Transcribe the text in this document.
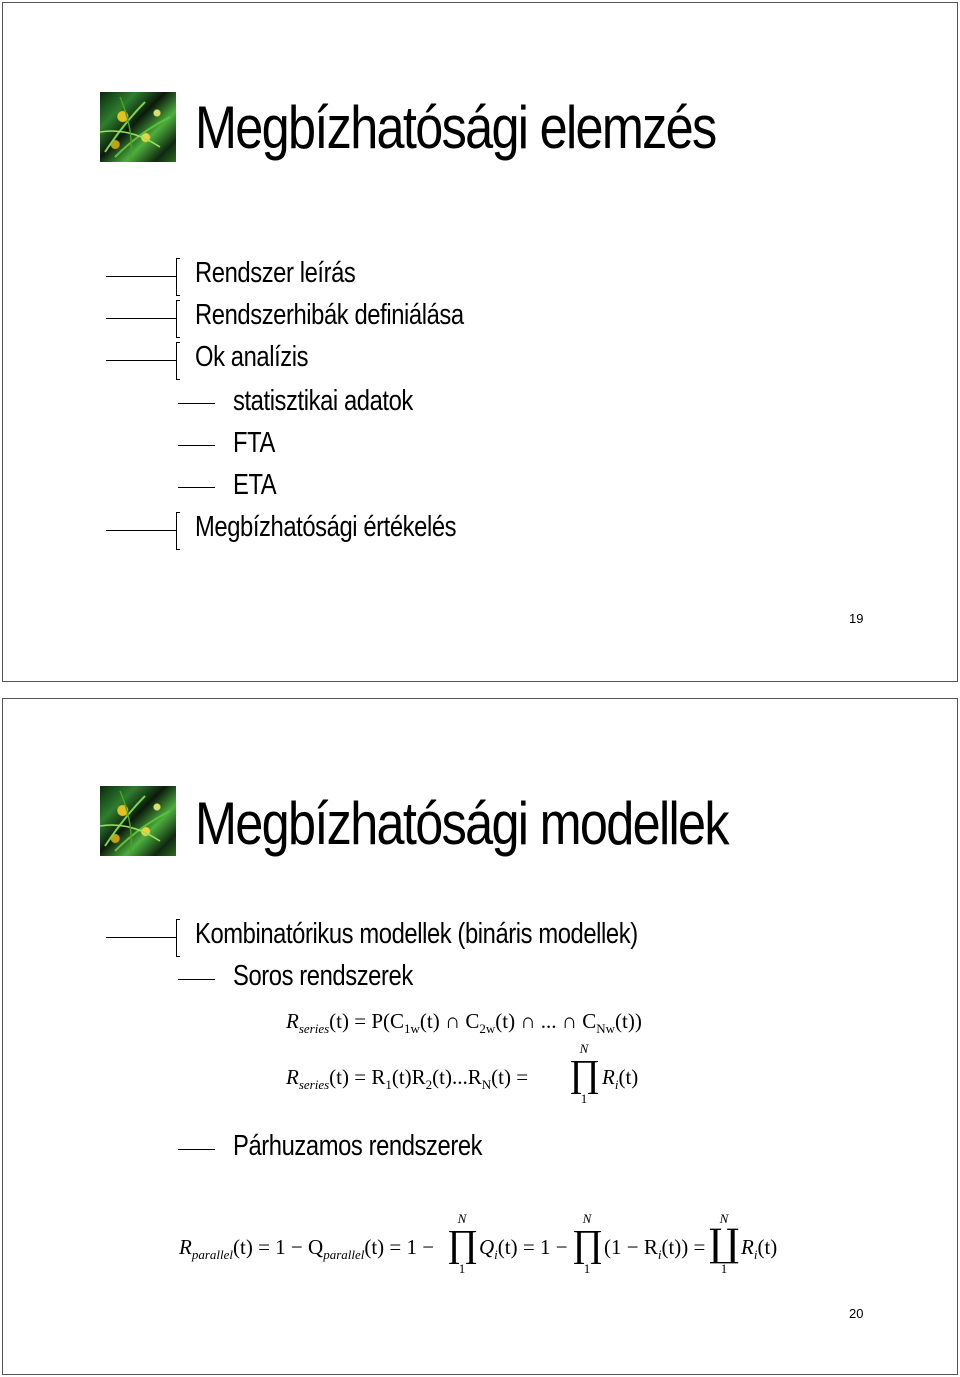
Megbízhatósági elemzés
Rendszer leírás
Rendszerhibák definiálása
Ok analízis
statisztikai adatok
FTA
ETA
Megbízhatósági értékelés
19
Megbízhatósági modellek
Kombinatórikus modellek (bináris modellek)
Soros rendszerek
$R_{series}(t) = P(C_{1w}(t)$ ∩ $C_{2w}(t)$ ∩ ... ∩ $C_{Nw}(t)$)
$R_{series}(t) = R_1(t)R_2(t)...R_N(t)$ =
N
∏
1
$R_i(t)$
Párhuzamos rendszerek
$R_{parallel}(t) = 1 - Q_{parallel}(t) = 1$ −
N
∏
1
$Q_i(t) = 1$ −
N
∏
1
$(1 - R_i(t))$ =
N
∐
1
$R_i(t)$
20
